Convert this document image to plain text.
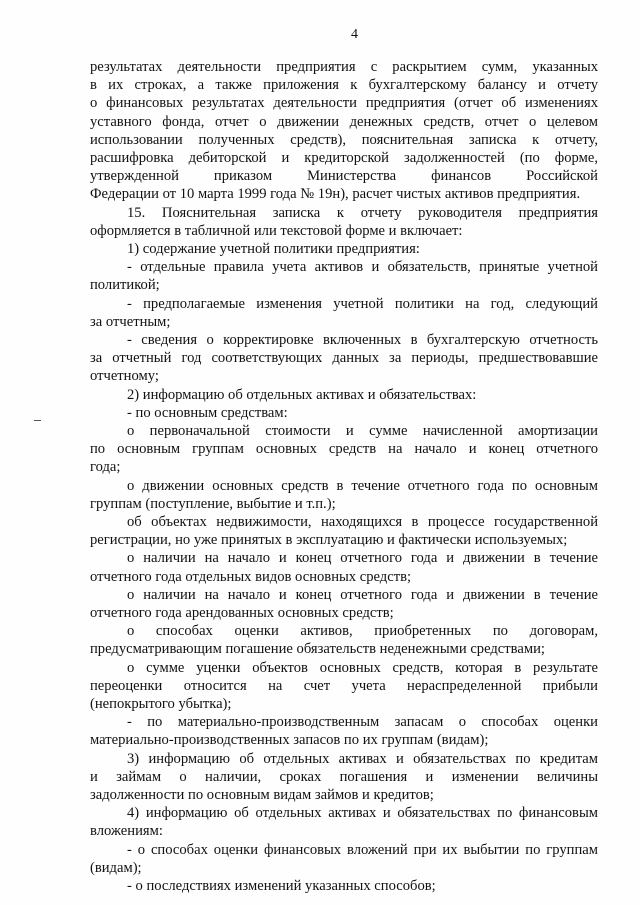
4
результатах деятельности предприятия с раскрытием сумм, указанных
в их строках, а также приложения к бухгалтерскому балансу и отчету
о финансовых результатах деятельности предприятия (отчет об изменениях
уставного фонда, отчет о движении денежных средств, отчет о целевом
использовании полученных средств), пояснительная записка к отчету,
расшифровка дебиторской и кредиторской задолженностей (по форме,
утвержденной приказом Министерства финансов Российской
Федерации от 10 марта 1999 года № 19н), расчет чистых активов предприятия.
15. Пояснительная записка к отчету руководителя предприятия
оформляется в табличной или текстовой форме и включает:
1) содержание учетной политики предприятия:
- отдельные правила учета активов и обязательств, принятые учетной
политикой;
- предполагаемые изменения учетной политики на год, следующий
за отчетным;
- сведения о корректировке включенных в бухгалтерскую отчетность
за отчетный год соответствующих данных за периоды, предшествовавшие
отчетному;
2) информацию об отдельных активах и обязательствах:
- по основным средствам:
о первоначальной стоимости и сумме начисленной амортизации
по основным группам основных средств на начало и конец отчетного
года;
о движении основных средств в течение отчетного года по основным
группам (поступление, выбытие и т.п.);
об объектах недвижимости, находящихся в процессе государственной
регистрации, но уже принятых в эксплуатацию и фактически используемых;
о наличии на начало и конец отчетного года и движении в течение
отчетного года отдельных видов основных средств;
о наличии на начало и конец отчетного года и движении в течение
отчетного года арендованных основных средств;
о способах оценки активов, приобретенных по договорам,
предусматривающим погашение обязательств неденежными средствами;
о сумме уценки объектов основных средств, которая в результате
переоценки относится на счет учета нераспределенной прибыли
(непокрытого убытка);
- по материально-производственным запасам о способах оценки
материально-производственных запасов по их группам (видам);
3) информацию об отдельных активах и обязательствах по кредитам
и займам о наличии, сроках погашения и изменении величины
задолженности по основным видам займов и кредитов;
4) информацию об отдельных активах и обязательствах по финансовым
вложениям:
- о способах оценки финансовых вложений при их выбытии по группам
(видам);
- о последствиях изменений указанных способов;
